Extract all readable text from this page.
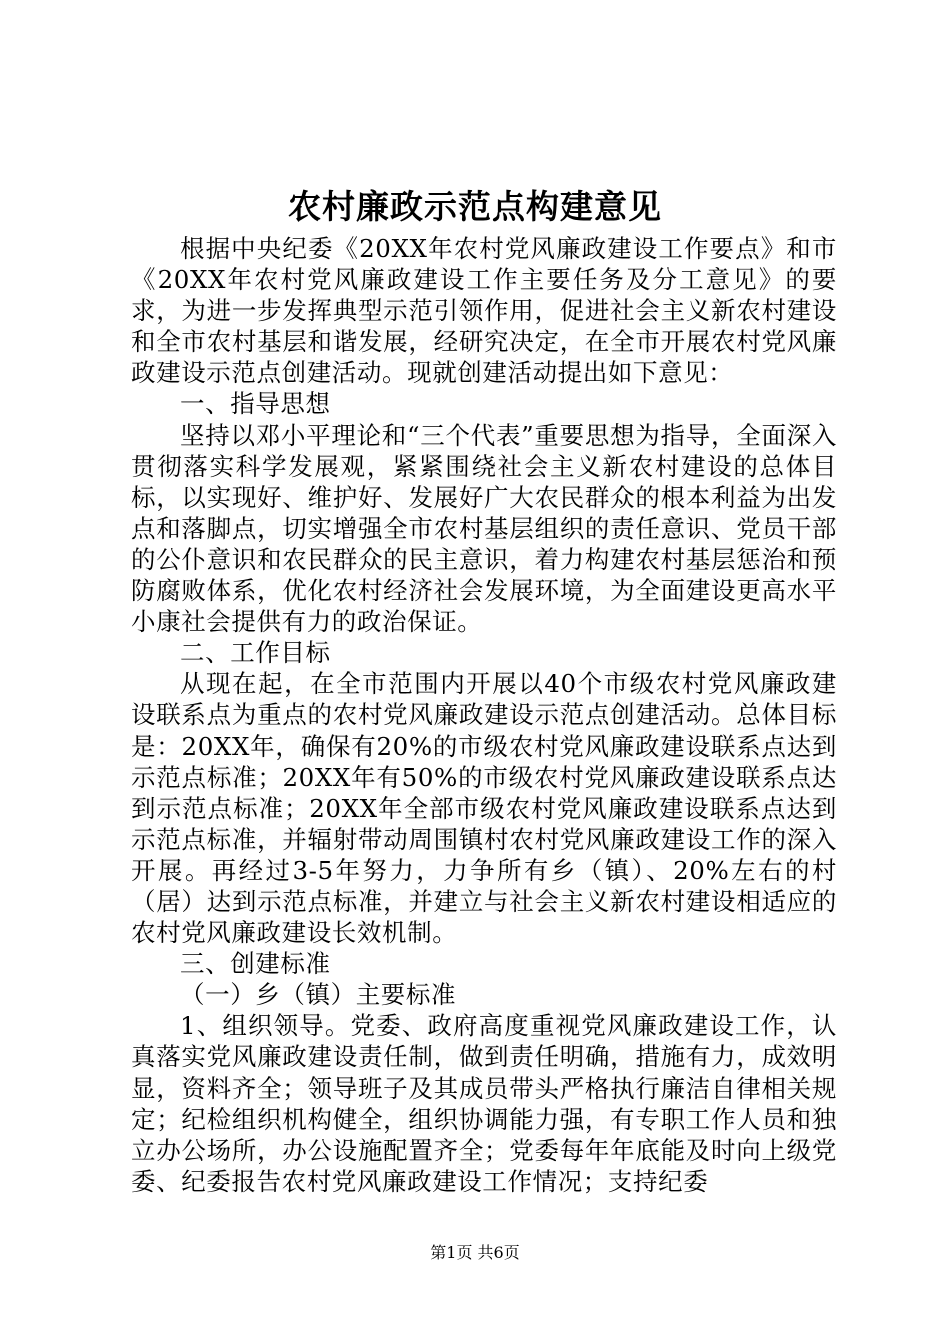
农村廉政示范点构建意见

根据中央纪委《20XX年农村党风廉政建设工作要点》和市《20XX年农村党风廉政建设工作主要任务及分工意见》的要求，为进一步发挥典型示范引领作用，促进社会主义新农村建设和全市农村基层和谐发展，经研究决定，在全市开展农村党风廉政建设示范点创建活动。现就创建活动提出如下意见：

一、指导思想

坚持以邓小平理论和“三个代表”重要思想为指导，全面深入贯彻落实科学发展观，紧紧围绕社会主义新农村建设的总体目标，以实现好、维护好、发展好广大农民群众的根本利益为出发点和落脚点，切实增强全市农村基层组织的责任意识、党员干部的公仆意识和农民群众的民主意识，着力构建农村基层惩治和预防腐败体系，优化农村经济社会发展环境，为全面建设更高水平小康社会提供有力的政治保证。

二、工作目标

从现在起，在全市范围内开展以40个市级农村党风廉政建设联系点为重点的农村党风廉政建设示范点创建活动。总体目标是：20XX年，确保有20%的市级农村党风廉政建设联系点达到示范点标准；20XX年有50%的市级农村党风廉政建设联系点达到示范点标准；20XX年全部市级农村党风廉政建设联系点达到示范点标准，并辐射带动周围镇村农村党风廉政建设工作的深入开展。再经过3-5年努力，力争所有乡（镇）、20%左右的村（居）达到示范点标准，并建立与社会主义新农村建设相适应的农村党风廉政建设长效机制。

三、创建标准

（一）乡（镇）主要标准

1、组织领导。党委、政府高度重视党风廉政建设工作，认真落实党风廉政建设责任制，做到责任明确，措施有力，成效明显，资料齐全；领导班子及其成员带头严格执行廉洁自律相关规定；纪检组织机构健全，组织协调能力强，有专职工作人员和独立办公场所，办公设施配置齐全；党委每年年底能及时向上级党委、纪委报告农村党风廉政建设工作情况；支持纪委

第1页 共6页
